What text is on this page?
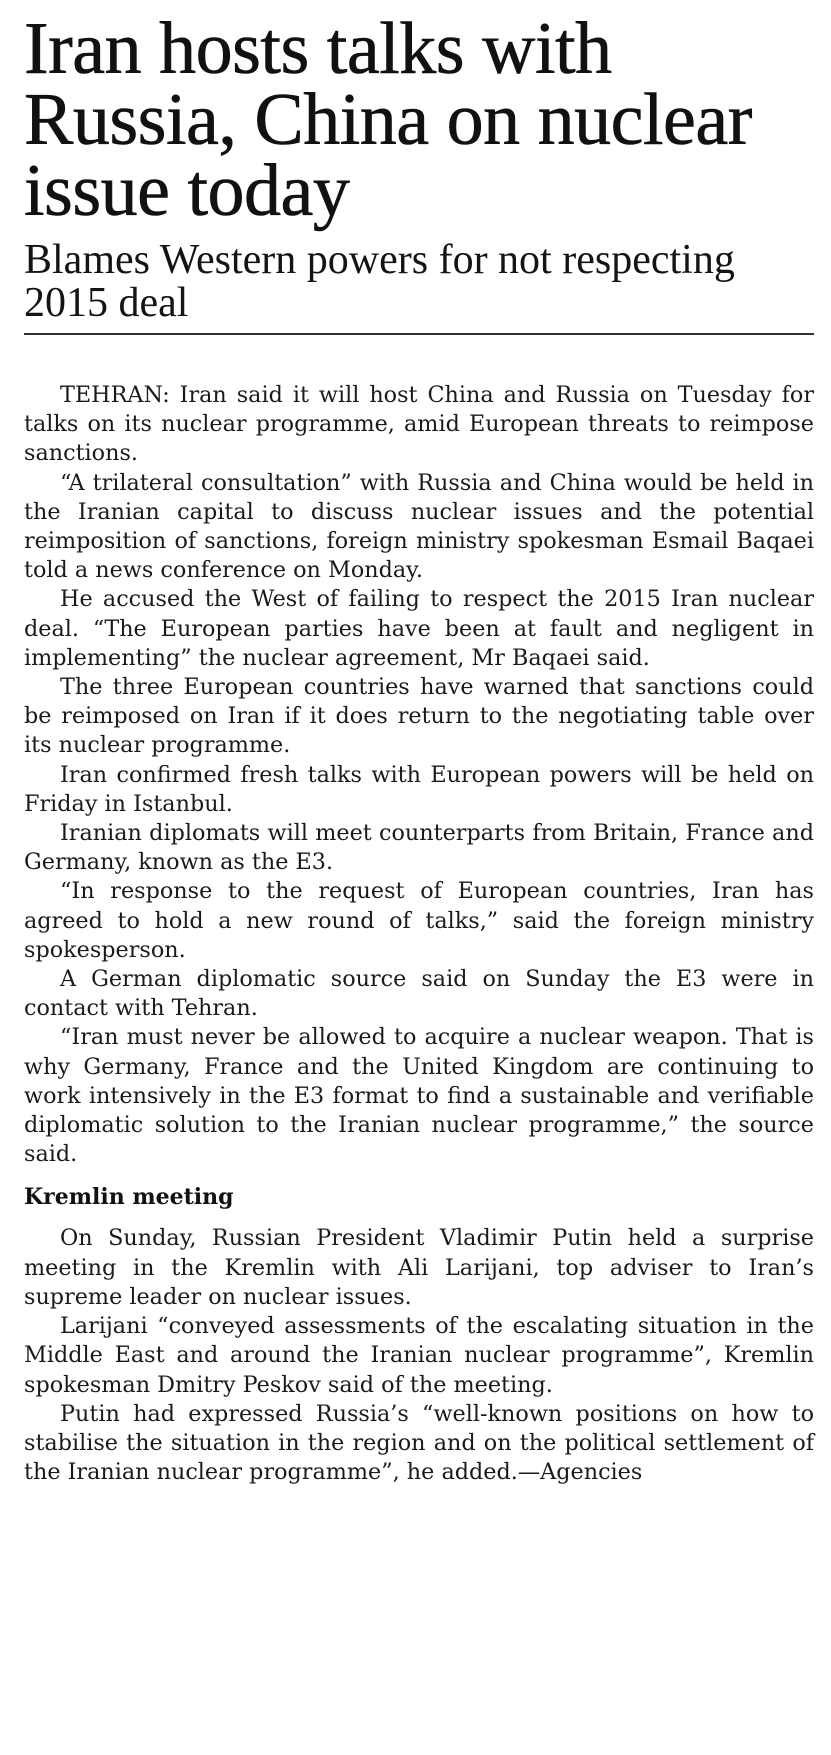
Iran hosts talks with Russia, China on nuclear issue today
Blames Western powers for not respecting 2015 deal

TEHRAN: Iran said it will host China and Russia on Tuesday for talks on its nuclear programme, amid European threats to reimpose sanctions.

“A trilateral consultation” with Russia and China would be held in the Iranian capital to discuss nuclear issues and the potential reimposition of sanctions, foreign ministry spokesman Esmail Baqaei told a news conference on Monday.

He accused the West of failing to respect the 2015 Iran nuclear deal. “The European parties have been at fault and negligent in implementing” the nuclear agreement, Mr Baqaei said.

The three European countries have warned that sanctions could be reimposed on Iran if it does return to the negotiating table over its nuclear programme.

Iran confirmed fresh talks with European powers will be held on Friday in Istanbul.

Iranian diplomats will meet counterparts from Britain, France and Germany, known as the E3.

“In response to the request of European countries, Iran has agreed to hold a new round of talks,” said the foreign ministry spokesperson.

A German diplomatic source said on Sunday the E3 were in contact with Tehran.

“Iran must never be allowed to acquire a nuclear weapon. That is why Germany, France and the United Kingdom are continuing to work intensively in the E3 format to find a sustainable and verifiable diplomatic solution to the Iranian nuclear programme,” the source said.

Kremlin meeting

On Sunday, Russian President Vladimir Putin held a surprise meeting in the Kremlin with Ali Larijani, top adviser to Iran’s supreme leader on nuclear issues.

Larijani “conveyed assessments of the escalating situation in the Middle East and around the Iranian nuclear programme”, Kremlin spokesman Dmitry Peskov said of the meeting.

Putin had expressed Russia’s “well-known positions on how to stabilise the situation in the region and on the political settlement of the Iranian nuclear programme”, he added.—Agencies
